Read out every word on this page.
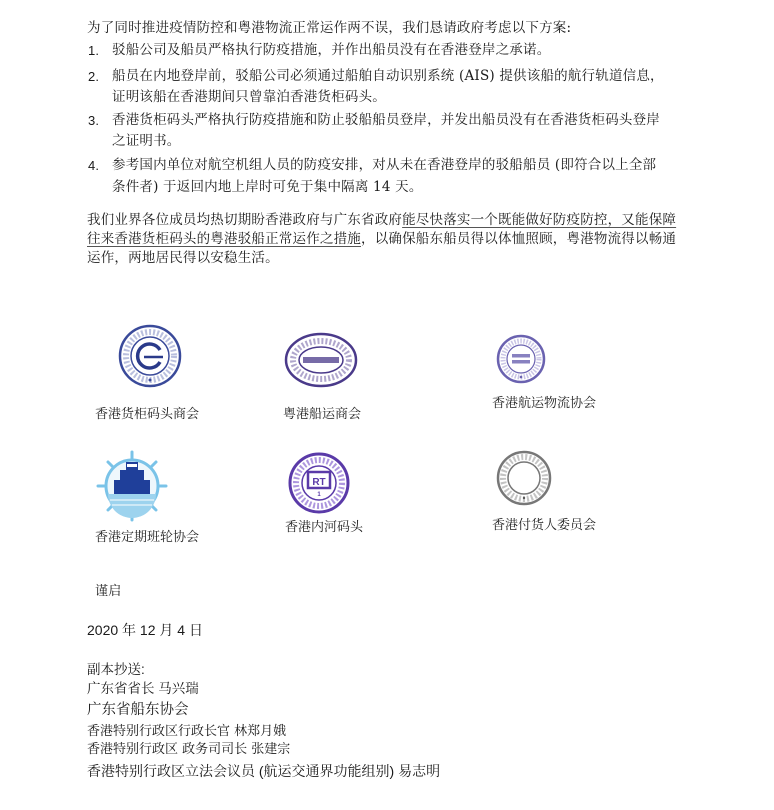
为了同时推进疫情防控和粤港物流正常运作两不误，我们恳请政府考虑以下方案:
1. 驳船公司及船员严格执行防疫措施，并作出船员没有在香港登岸之承诺。
2. 船员在内地登岸前，驳船公司必须通过船舶自动识别系统 (AIS) 提供该船的航行轨道信息，
证明该船在香港期间只曾靠泊香港货柜码头。
3. 香港货柜码头严格执行防疫措施和防止驳船船员登岸，并发出船员没有在香港货柜码头登岸
之证明书。
4. 参考国内单位对航空机组人员的防疫安排，对从未在香港登岸的驳船船员 (即符合以上全部
条件者) 于返回内地上岸时可免于集中隔离 14 天。
我们业界各位成员均热切期盼香港政府与广东省政府能尽快落实一个既能做好防疫防控，又能保障
往来香港货柜码头的粤港驳船正常运作之措施，以确保船东船员得以体恤照顾，粤港物流得以畅通
运作，两地居民得以安稳生活。
香港货柜码头商会	粤港船运商会
香港航运物流协会
香港定期班轮协会
RT
1
香港内河码头	香港付货人委员会
谨启
2020 年 12 月 4 日
副本抄送:
广东省省长 马兴瑞
广东省船东协会
香港特别行政区行政长官 林郑月娥
香港特别行政区 政务司司长 张建宗
香港特别行政区立法会议员 (航运交通界功能组别) 易志明
